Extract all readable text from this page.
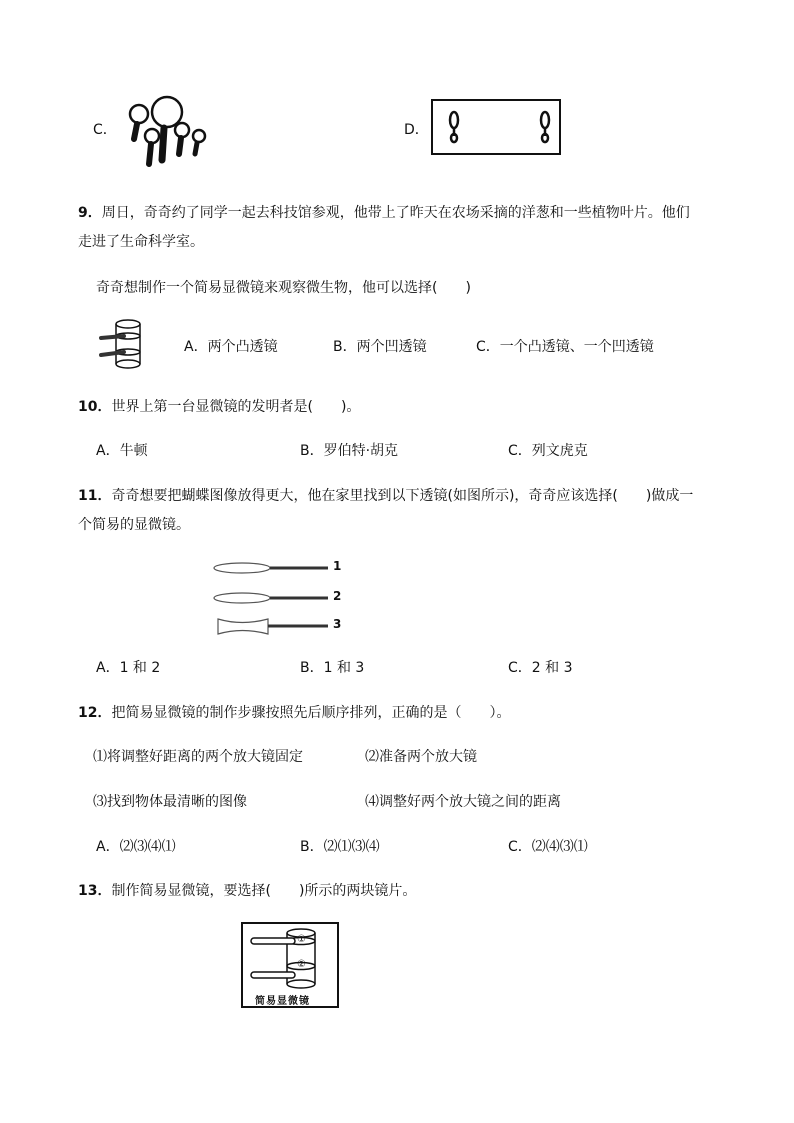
C．	D．
9．周日，奇奇约了同学一起去科技馆参观，他带上了昨天在农场采摘的洋葱和一些植物叶片。他们
走进了生命科学室。
奇奇想制作一个简易显微镜来观察微生物，他可以选择(　　)
A．两个凸透镜	B．两个凹透镜	C．一个凸透镜、一个凹透镜
10．世界上第一台显微镜的发明者是(　　)。
A．牛顿	B．罗伯特·胡克	C．列文虎克
11．奇奇想要把蝴蝶图像放得更大，他在家里找到以下透镜(如图所示)，奇奇应该选择(　　)做成一
个简易的显微镜。
1
2
3
A．1 和 2	B．1 和 3	C．2 和 3
12．把简易显微镜的制作步骤按照先后顺序排列，正确的是（　　）。
⑴将调整好距离的两个放大镜固定	⑵准备两个放大镜
⑶找到物体最清晰的图像	⑷调整好两个放大镜之间的距离
A．⑵⑶⑷⑴	B．⑵⑴⑶⑷	C．⑵⑷⑶⑴
13．制作简易显微镜，要选择(　　)所示的两块镜片。
①
②
简易显微镜
